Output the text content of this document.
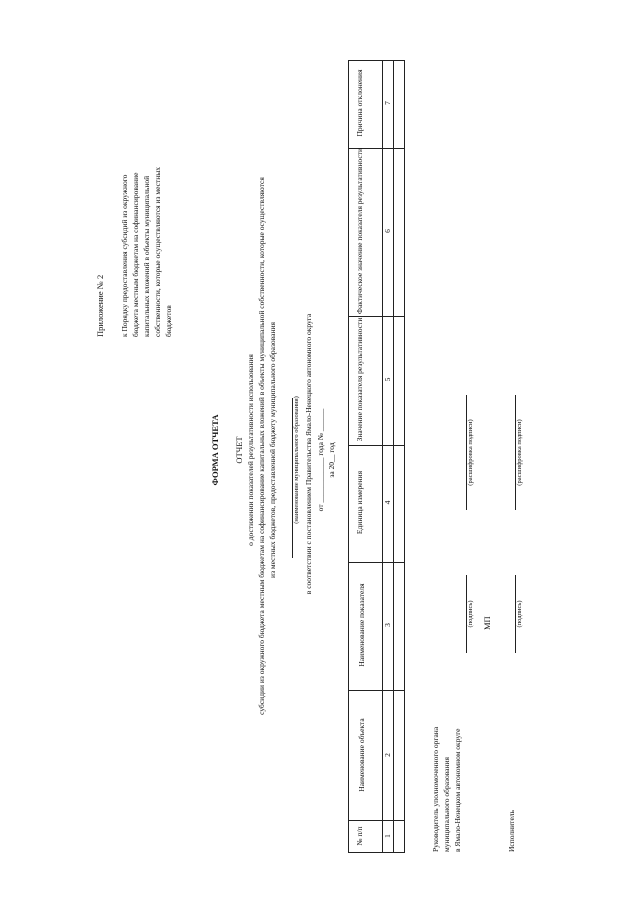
Приложение № 2 к Порядку предоставления субсидий из окружного бюджета местным бюджетам на софинансирование капитальных вложений в объекты муниципальной собственности, которые осуществляются из местных бюджетов
ФОРМА ОТЧЕТА ОТЧЕТ о достижении показателей результативности использования субсидии из окружного бюджета местным бюджетам на софинансирование капитальных вложений в объекты муниципальной собственности, которые осуществляются из местных бюджетов, предоставленной бюджету муниципального образования (наименование муниципального образования) в соответствии с постановлением Правительства Ямало-Ненецкого автономного округа от ____________ года № ______ за 20__ год
№ п/п
Наименование объекта
Наименование показателя
Единица измерения
Значение показателя результативности
Фактическое значение показателя результативности
Причина отклонения
1
2
3
4
5
6
7
Руководитель уполномоченного органа муниципального образования в Ямало-Ненецком автономном округе
(подпись)
(расшифровка подписи)
МП
Исполнитель
(подпись)
(расшифровка подписи)
